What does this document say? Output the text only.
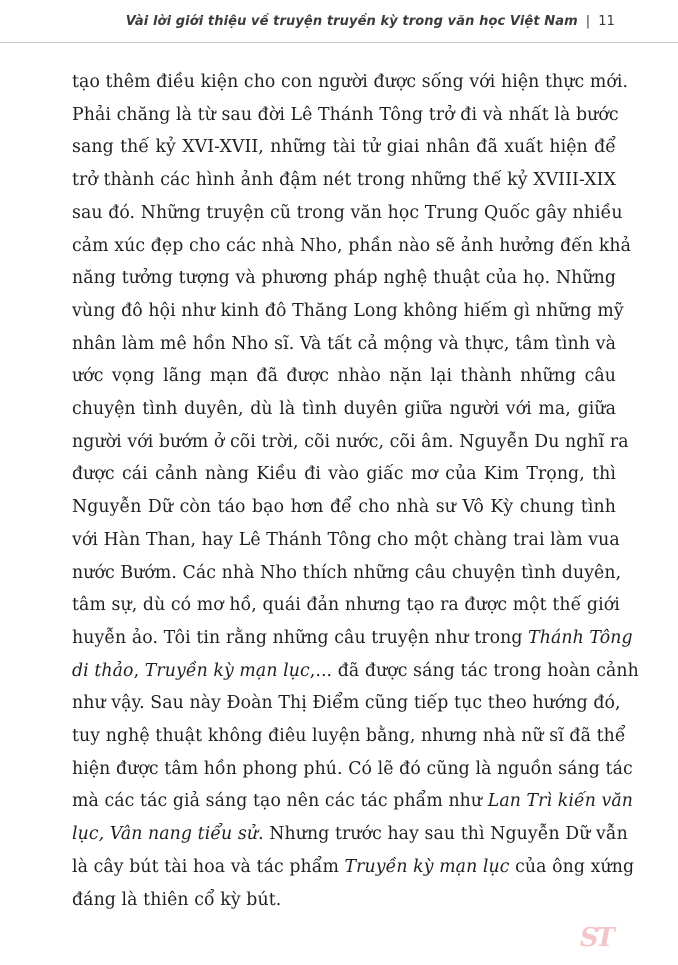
Vài lời giới thiệu về truyện truyền kỳ trong văn học Việt Nam | 11
tạo thêm điều kiện cho con người được sống với hiện thực mới.
Phải chăng là từ sau đời Lê Thánh Tông trở đi và nhất là bước
sang thế kỷ XVI-XVII, những tài tử giai nhân đã xuất hiện để
trở thành các hình ảnh đậm nét trong những thế kỷ XVIII-XIX
sau đó. Những truyện cũ trong văn học Trung Quốc gây nhiều
cảm xúc đẹp cho các nhà Nho, phần nào sẽ ảnh hưởng đến khả
năng tưởng tượng và phương pháp nghệ thuật của họ. Những
vùng đô hội như kinh đô Thăng Long không hiếm gì những mỹ
nhân làm mê hồn Nho sĩ. Và tất cả mộng và thực, tâm tình và
ước vọng lãng mạn đã được nhào nặn lại thành những câu
chuyện tình duyên, dù là tình duyên giữa người với ma, giữa
người với bướm ở cõi trời, cõi nước, cõi âm. Nguyễn Du nghĩ ra
được cái cảnh nàng Kiều đi vào giấc mơ của Kim Trọng, thì
Nguyễn Dữ còn táo bạo hơn để cho nhà sư Vô Kỳ chung tình
với Hàn Than, hay Lê Thánh Tông cho một chàng trai làm vua
nước Bướm. Các nhà Nho thích những câu chuyện tình duyên,
tâm sự, dù có mơ hồ, quái đản nhưng tạo ra được một thế giới
huyễn ảo. Tôi tin rằng những câu truyện như trong Thánh Tông
di thảo, Truyền kỳ mạn lục,... đã được sáng tác trong hoàn cảnh
như vậy. Sau này Đoàn Thị Điểm cũng tiếp tục theo hướng đó,
tuy nghệ thuật không điêu luyện bằng, nhưng nhà nữ sĩ đã thể
hiện được tâm hồn phong phú. Có lẽ đó cũng là nguồn sáng tác
mà các tác giả sáng tạo nên các tác phẩm như Lan Trì kiến văn
lục, Vân nang tiểu sử. Nhưng trước hay sau thì Nguyễn Dữ vẫn
là cây bút tài hoa và tác phẩm Truyền kỳ mạn lục của ông xứng
đáng là thiên cổ kỳ bút.
ST
